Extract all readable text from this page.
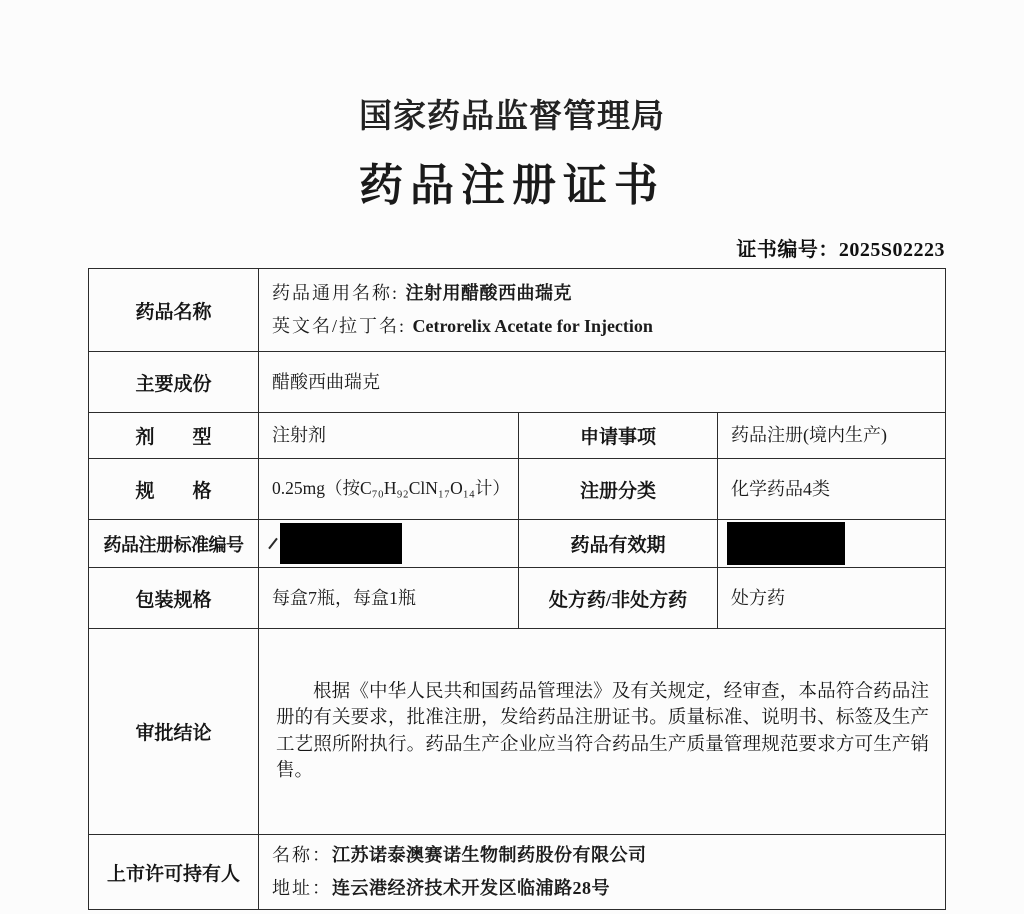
国家药品监督管理局
药品注册证书
证书编号：2025S02223
药品名称	药品通用名称: 注射用醋酸西曲瑞克
英文名/拉丁名: Cetrorelix Acetate for Injection		

主要成份	醋酸西曲瑞克		
剂　　型	注射剂	申请事项	药品注册(境内生产)
规　　格	0.25mg（按C₇₀H₉₂ClN₁₇O₁₄计）	注册分类	化学药品4类
药品注册标准编号		药品有效期	
包装规格	每盒7瓶，每盒1瓶	处方药/非处方药	处方药
审批结论	根据《中华人民共和国药品管理法》及有关规定，经审查，本品符合药品注册的有关要求，批准注册，发给药品注册证书。质量标准、说明书、标签及生产工艺照所附执行。药品生产企业应当符合药品生产质量管理规范要求方可生产销售。		

上市许可持有人	名称：江苏诺泰澳赛诺生物制药股份有限公司
地址：连云港经济技术开发区临浦路28号		
